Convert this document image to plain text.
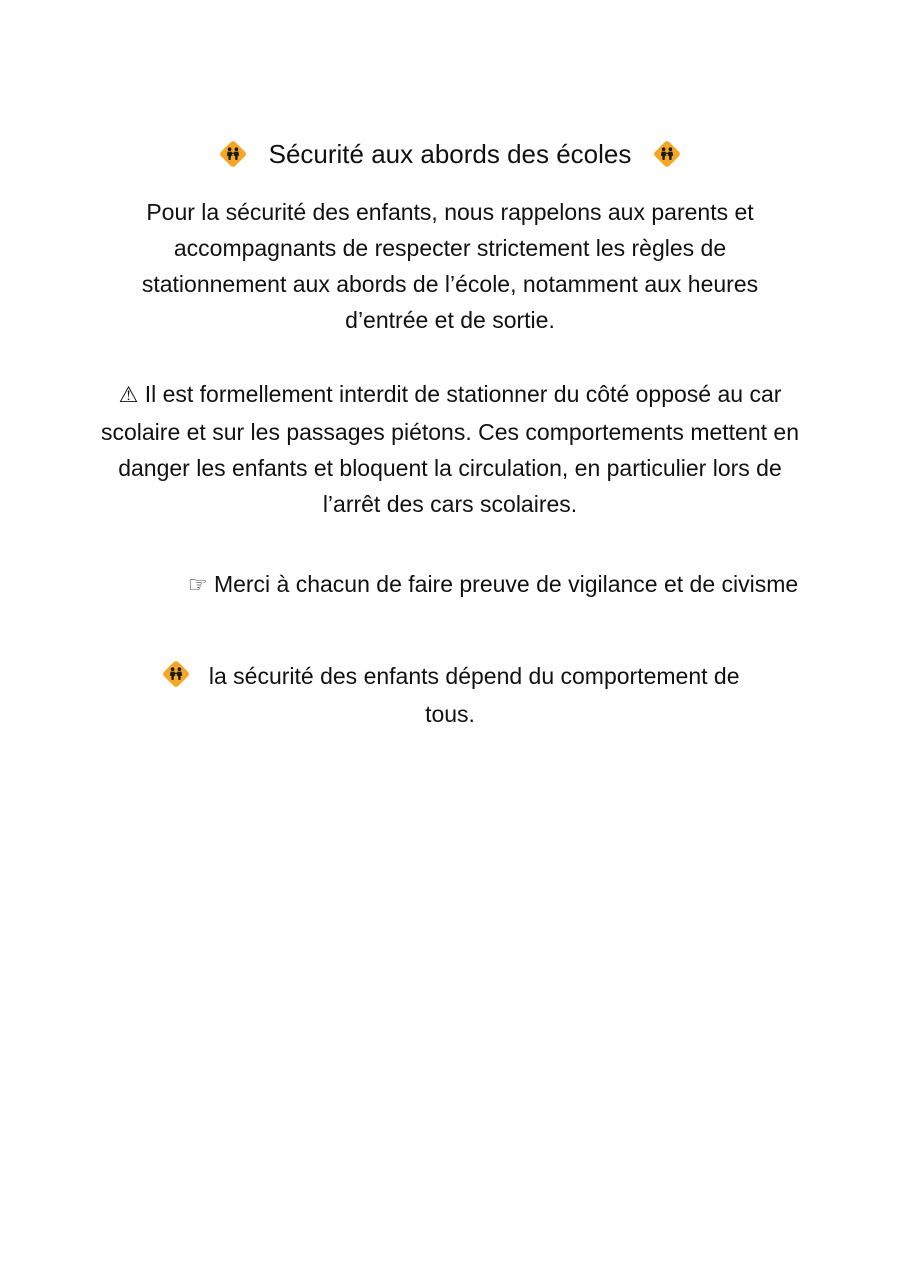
Sécurité aux abords des écoles
Pour la sécurité des enfants, nous rappelons aux parents et accompagnants de respecter strictement les règles de stationnement aux abords de l’école, notamment aux heures d’entrée et de sortie.
⚠ Il est formellement interdit de stationner du côté opposé au car scolaire et sur les passages piétons. Ces comportements mettent en danger les enfants et bloquent la circulation, en particulier lors de l’arrêt des cars scolaires.
☞ Merci à chacun de faire preuve de vigilance et de civisme
la sécurité des enfants dépend du comportement de tous.
